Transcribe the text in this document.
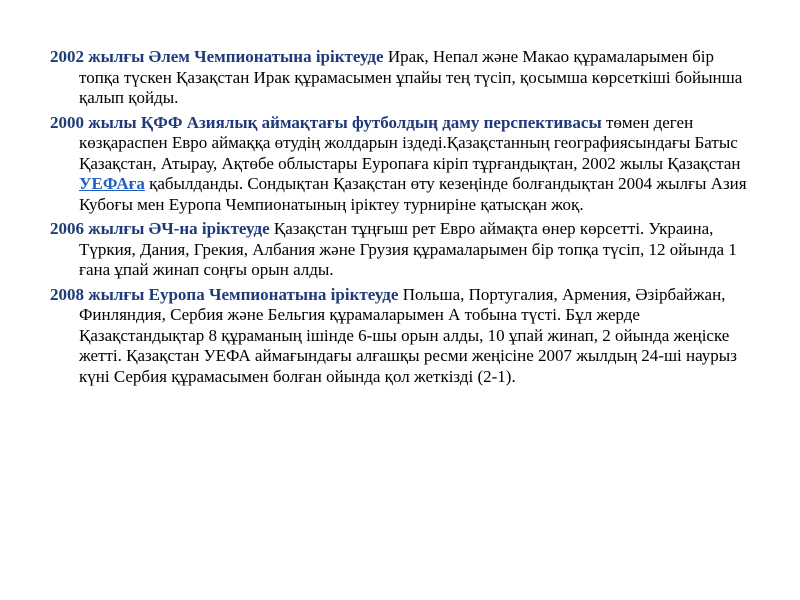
2002 жылғы Әлем Чемпионатына іріктеуде Ирак, Непал және Макао құрамаларымен бір топқа түскен Қазақстан Ирак құрамасымен ұпайы тең түсіп, қосымша көрсеткіші бойынша қалып қойды.

2000 жылы ҚФФ Азиялық аймақтағы футболдың даму перспективасы төмен деген көзқараспен Евро аймаққа өтудің жолдарын іздеді.Қазақстанның географиясындағы Батыс Қазақстан, Атырау, Ақтөбе облыстары Еуропаға кіріп тұрғандықтан, 2002 жылы Қазақстан УЕФАға қабылданды. Сондықтан Қазақстан өту кезеңінде болғандықтан 2004 жылғы Азия Кубоғы мен Еуропа Чемпионатының іріктеу турниріне қатысқан жоқ.

2006 жылғы ӘЧ-на іріктеуде Қазақстан тұңғыш рет Евро аймақта өнер көрсетті. Украина, Түркия, Дания, Грекия, Албания және Грузия құрамаларымен бір топқа түсіп, 12 ойында 1 ғана ұпай жинап соңғы орын алды.

2008 жылғы Еуропа Чемпионатына іріктеуде Польша, Португалия, Армения, Әзірбайжан, Финляндия, Сербия және Бельгия құрамаларымен А тобына түсті. Бұл жерде Қазақстандықтар 8 құраманың ішінде 6-шы орын алды, 10 ұпай жинап, 2 ойында жеңіске жетті. Қазақстан УЕФА аймағындағы алғашқы ресми жеңісіне 2007 жылдың 24-ші наурыз күні Сербия құрамасымен болған ойында қол жеткізді (2-1).
